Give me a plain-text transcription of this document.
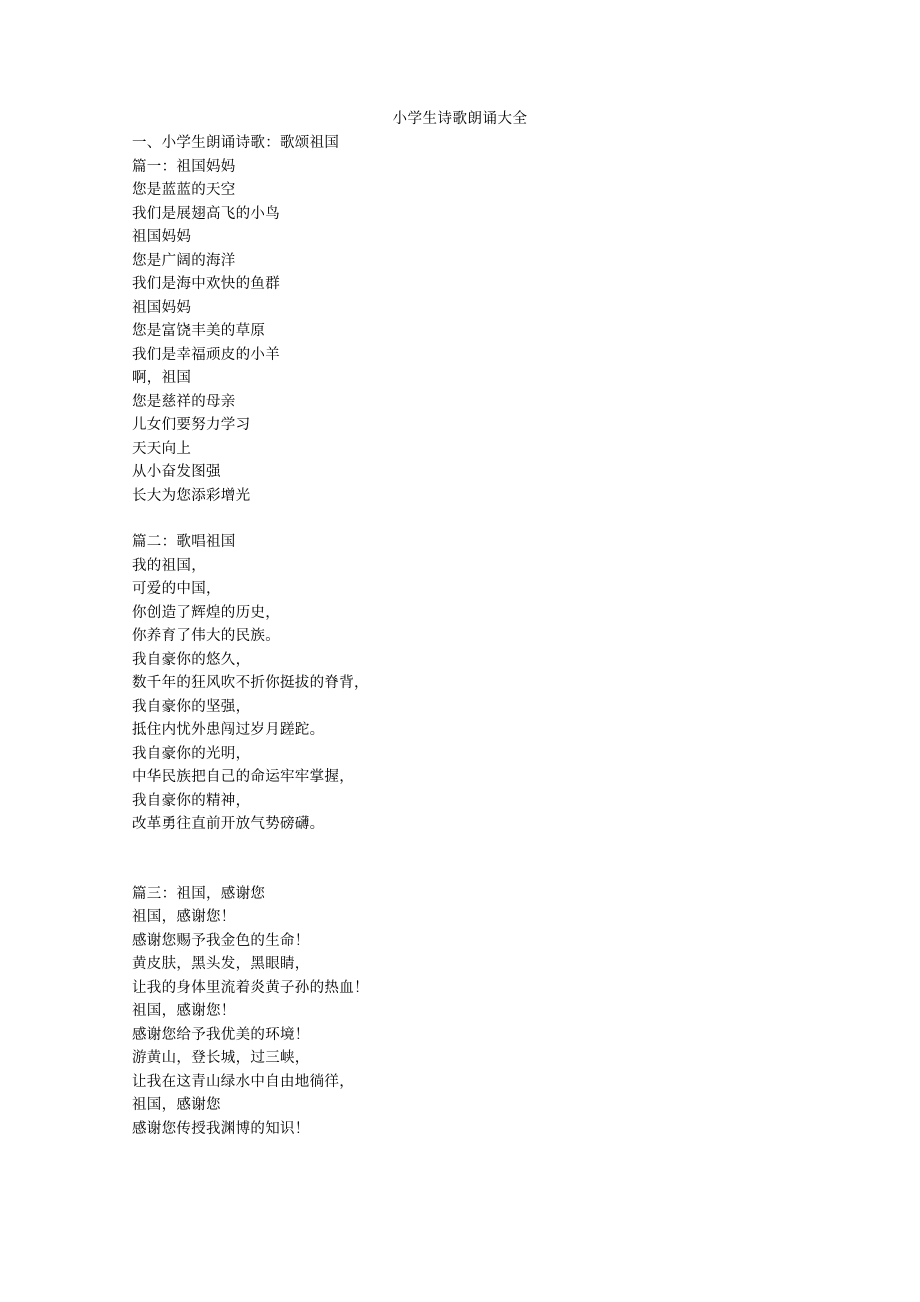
小学生诗歌朗诵大全
一、小学生朗诵诗歌：歌颂祖国
篇一：祖国妈妈
您是蓝蓝的天空
我们是展翅高飞的小鸟
祖国妈妈
您是广阔的海洋
我们是海中欢快的鱼群
祖国妈妈
您是富饶丰美的草原
我们是幸福顽皮的小羊
啊，祖国
您是慈祥的母亲
儿女们要努力学习
天天向上
从小奋发图强
长大为您添彩增光
篇二：歌唱祖国
我的祖国，
可爱的中国，
你创造了辉煌的历史，
你养育了伟大的民族。
我自豪你的悠久，
数千年的狂风吹不折你挺拔的脊背，
我自豪你的坚强，
抵住内忧外患闯过岁月蹉跎。
我自豪你的光明，
中华民族把自己的命运牢牢掌握，
我自豪你的精神，
改革勇往直前开放气势磅礴。
篇三：祖国，感谢您
祖国，感谢您！
感谢您赐予我金色的生命！
黄皮肤，黑头发，黑眼睛，
让我的身体里流着炎黄子孙的热血！
祖国，感谢您！
感谢您给予我优美的环境！
游黄山，登长城，过三峡，
让我在这青山绿水中自由地徜徉，
祖国，感谢您
感谢您传授我渊博的知识！
